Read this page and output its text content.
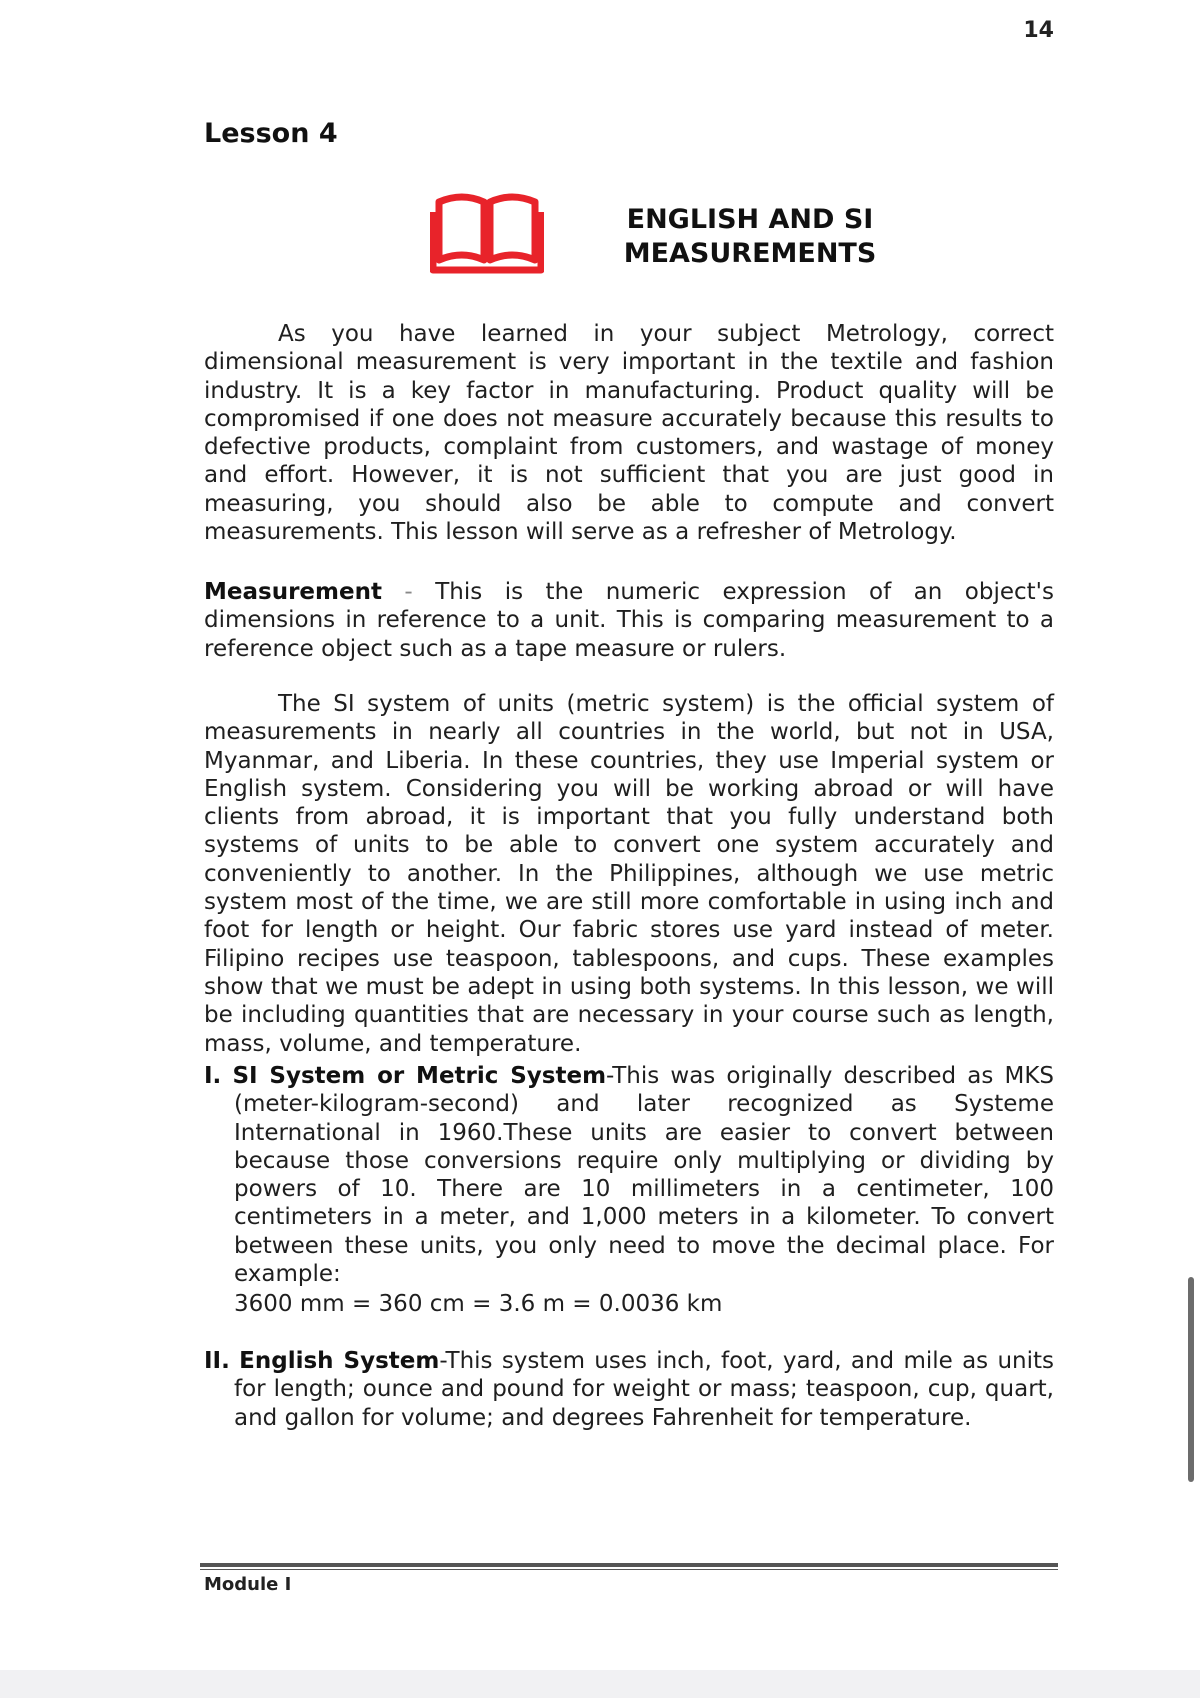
14
Lesson 4
ENGLISH AND SI
MEASUREMENTS
As you have learned in your subject Metrology, correct dimensional measurement is very important in the textile and fashion industry. It is a key factor in manufacturing. Product quality will be compromised if one does not measure accurately because this results to defective products, complaint from customers, and wastage of money and effort. However, it is not sufficient that you are just good in measuring, you should also be able to compute and convert measurements. This lesson will serve as a refresher of Metrology.
Measurement - This is the numeric expression of an object's dimensions in reference to a unit. This is comparing measurement to a reference object such as a tape measure or rulers.
The SI system of units (metric system) is the official system of measurements in nearly all countries in the world, but not in USA, Myanmar, and Liberia. In these countries, they use Imperial system or English system. Considering you will be working abroad or will have clients from abroad, it is important that you fully understand both systems of units to be able to convert one system accurately and conveniently to another. In the Philippines, although we use metric system most of the time, we are still more comfortable in using inch and foot for length or height. Our fabric stores use yard instead of meter. Filipino recipes use teaspoon, tablespoons, and cups. These examples show that we must be adept in using both systems. In this lesson, we will be including quantities that are necessary in your course such as length, mass, volume, and temperature.
I. SI System or Metric System-This was originally described as MKS (meter-kilogram-second) and later recognized as Systeme International in 1960.These units are easier to convert between because those conversions require only multiplying or dividing by powers of 10. There are 10 millimeters in a centimeter, 100 centimeters in a meter, and 1,000 meters in a kilometer. To convert between these units, you only need to move the decimal place. For example:
3600 mm = 360 cm = 3.6 m = 0.0036 km
II. English System-This system uses inch, foot, yard, and mile as units for length; ounce and pound for weight or mass; teaspoon, cup, quart, and gallon for volume; and degrees Fahrenheit for temperature.
Module I
